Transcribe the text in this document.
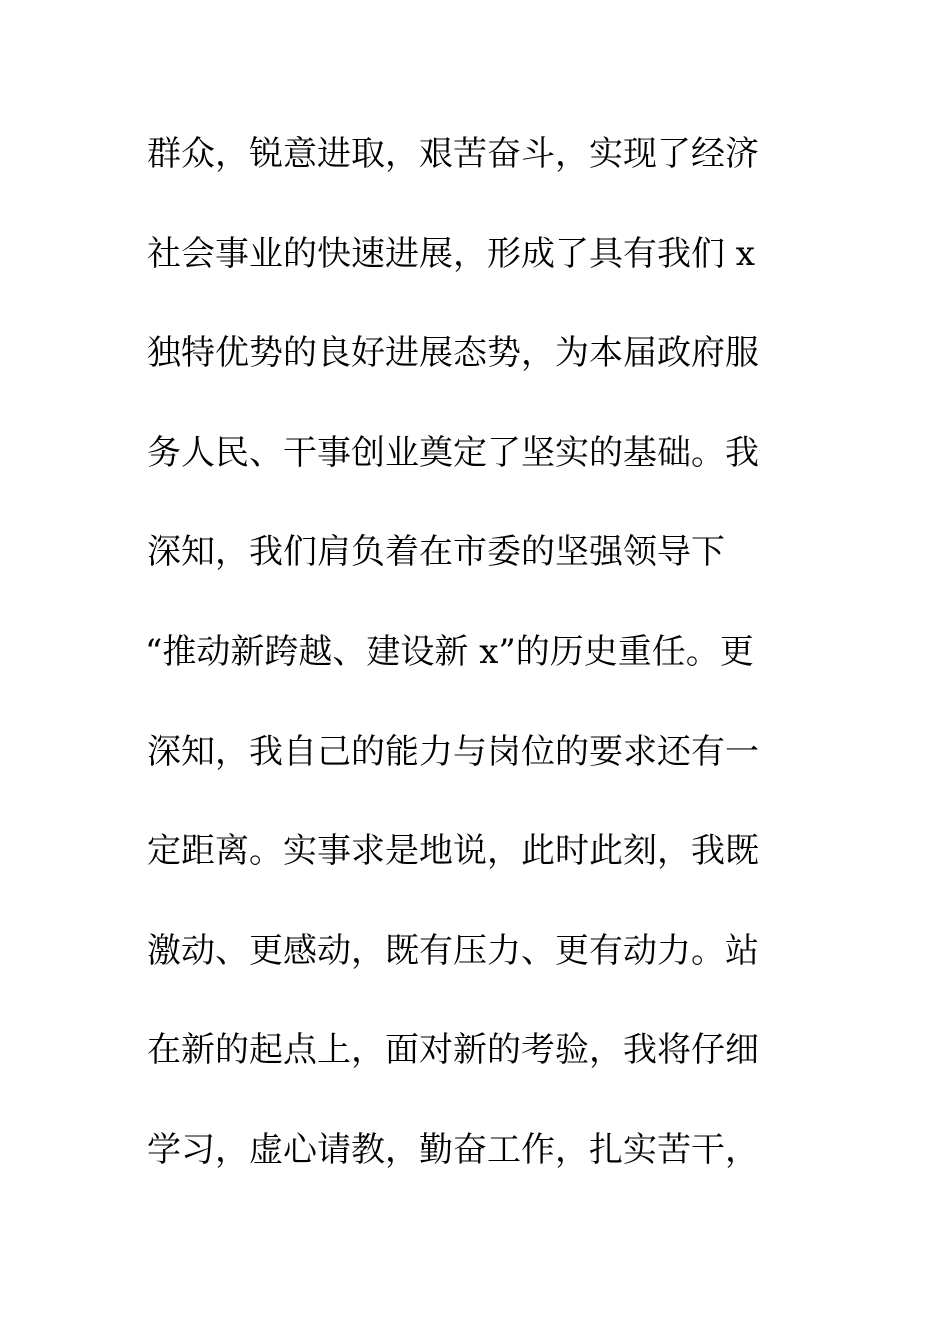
群众，锐意进取，艰苦奋斗，实现了经济
社会事业的快速进展，形成了具有我们 x
独特优势的良好进展态势，为本届政府服
务人民、干事创业奠定了坚实的基础。我
深知，我们肩负着在市委的坚强领导下
“推动新跨越、建设新 x”的历史重任。更
深知，我自己的能力与岗位的要求还有一
定距离。实事求是地说，此时此刻，我既
激动、更感动，既有压力、更有动力。站
在新的起点上，面对新的考验，我将仔细
学习，虚心请教，勤奋工作，扎实苦干，
